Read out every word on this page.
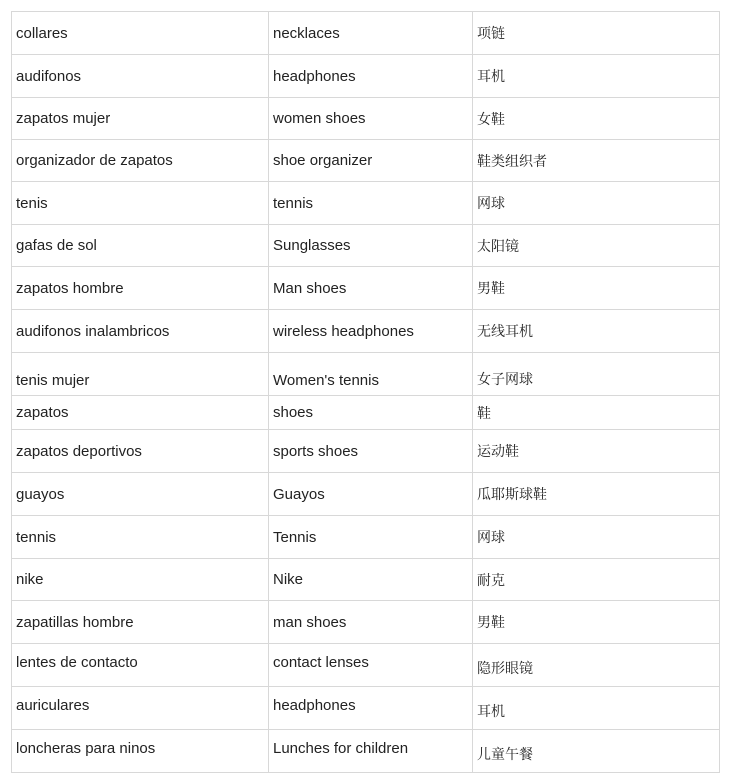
collares	necklaces	项链
audifonos	headphones	耳机
zapatos mujer	women shoes	女鞋
organizador de zapatos	shoe organizer	鞋类组织者
tenis	tennis	网球
gafas de sol	Sunglasses	太阳镜
zapatos hombre	Man shoes	男鞋
audifonos inalambricos	wireless headphones	无线耳机
tenis mujer	Women's tennis	女子网球
zapatos	shoes	鞋
zapatos deportivos	sports shoes	运动鞋
guayos	Guayos	瓜耶斯球鞋
tennis	Tennis	网球
nike	Nike	耐克
zapatillas hombre	man shoes	男鞋
lentes de contacto	contact lenses	隐形眼镜
auriculares	headphones	耳机
loncheras para ninos	Lunches for children	儿童午餐
